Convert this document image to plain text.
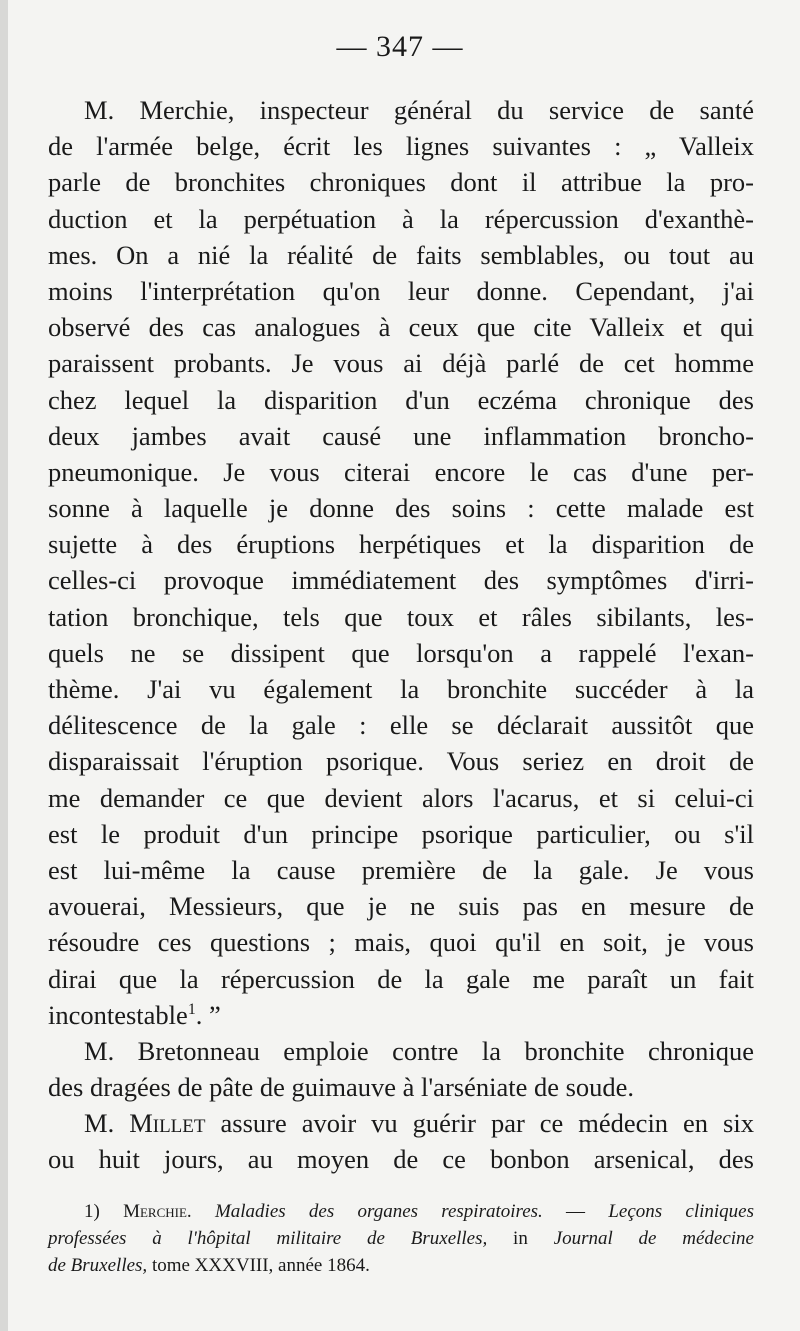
— 347 —
M. Merchie, inspecteur général du service de santé
de l'armée belge, écrit les lignes suivantes : „ Valleix
parle de bronchites chroniques dont il attribue la pro-
duction et la perpétuation à la répercussion d'exanthè-
mes. On a nié la réalité de faits semblables, ou tout au
moins l'interprétation qu'on leur donne. Cependant, j'ai
observé des cas analogues à ceux que cite Valleix et qui
paraissent probants. Je vous ai déjà parlé de cet homme
chez lequel la disparition d'un eczéma chronique des
deux jambes avait causé une inflammation broncho-
pneumonique. Je vous citerai encore le cas d'une per-
sonne à laquelle je donne des soins : cette malade est
sujette à des éruptions herpétiques et la disparition de
celles-ci provoque immédiatement des symptômes d'irri-
tation bronchique, tels que toux et râles sibilants, les-
quels ne se dissipent que lorsqu'on a rappelé l'exan-
thème. J'ai vu également la bronchite succéder à la
délitescence de la gale : elle se déclarait aussitôt que
disparaissait l'éruption psorique. Vous seriez en droit de
me demander ce que devient alors l'acarus, et si celui-ci
est le produit d'un principe psorique particulier, ou s'il
est lui-même la cause première de la gale. Je vous
avouerai, Messieurs, que je ne suis pas en mesure de
résoudre ces questions ; mais, quoi qu'il en soit, je vous
dirai que la répercussion de la gale me paraît un fait
incontestable$^1$. ”
M. Bretonneau emploie contre la bronchite chronique
des dragées de pâte de guimauve à l'arséniate de soude.
M. Millet assure avoir vu guérir par ce médecin en six
ou huit jours, au moyen de ce bonbon arsenical, des
1) Merchie. Maladies des organes respiratoires. — Leçons cliniques
professées à l'hôpital militaire de Bruxelles, in Journal de médecine
de Bruxelles, tome XXXVIII, année 1864.
